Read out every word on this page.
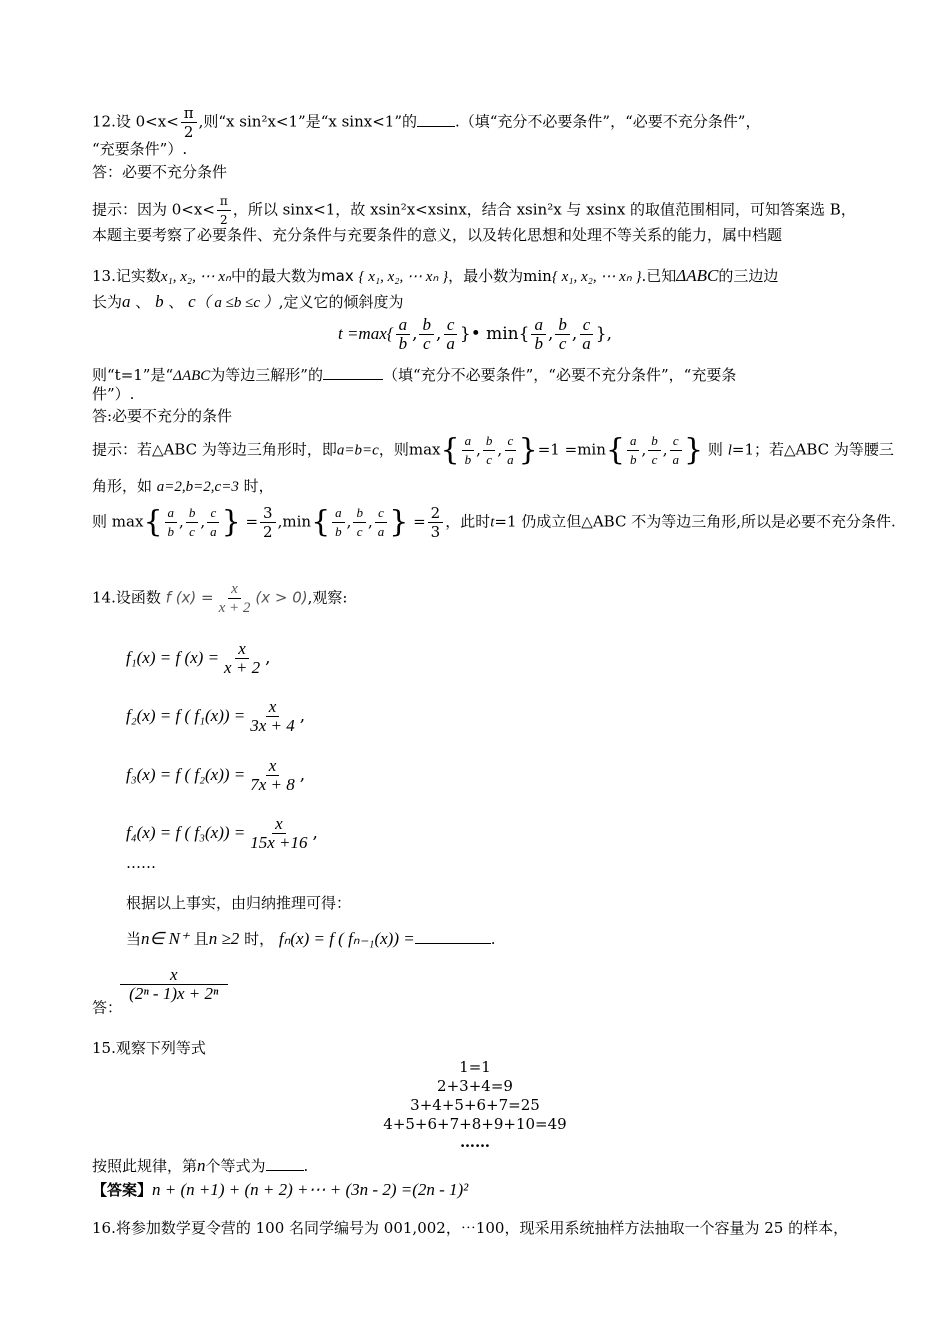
12.设 $0<x< \frac{\pi}{2}$ ,则“x sin²x<1”是“x sinx<1”的	.（填“充分不必要条件”，“必要不充分条件”，
“充要条件”）.
答：必要不充分条件
提示：因为 $0<x< \frac{\pi}{2}$ ，所以 sinx<1，故 xsin²x<xsinx，结合 xsin²x 与 xsinx 的取值范围相同，可知答案选 B，
本题主要考察了必要条件、充分条件与充要条件的意义，以及转化思想和处理不等关系的能力，属中档题
13.记实数x₁, x₂, ⋯ xₙ中的最大数为max { x₁, x₂, ⋯ xₙ }，最小数为min{ x₁, x₂, ⋯ xₙ }.已知ΔABC的三边边
长为a 、 b 、 c（ a ≤b ≤c ）,定义它的倾斜度为
$t =\max\{ \frac{a}{b}$ , $\frac{b}{c}$ , $\frac{c}{a}$ }• $\min\{ \frac{a}{b}$ , $\frac{b}{c}$ , $\frac{c}{a}$ },
则“t=1”是“ΔABC为等边三解形”的	（填“充分不必要条件”，“必要不充分条件”，“充要条
件”）.
答:必要不充分的条件
提示：若△ABC 为等边三角形时，即a=b=c，则$\max\{ \frac{a}{b}$ , $\frac{b}{c}$ , $\frac{c}{a} \}=1 =\min\{ \frac{a}{b}$ , $\frac{b}{c}$ , $\frac{c}{a}$ } 则 l=1；若△ABC 为等腰三
角形，如 a=2,b=2,c=3 时，
则 $\max\{ \frac{a}{b}$ , $\frac{b}{c}$ , $\frac{c}{a}$ } = $\frac{3}{2} ,\min\{ \frac{a}{b}$ , $\frac{b}{c}$ , $\frac{c}{a}$ } = $\frac{2}{3}$ ，此时t=1 仍成立但△ABC 不为等边三角形,所以是必要不充分条件.
14.设函数 f $(x) = \frac{x}{x + 2} (x > 0)$,观察:
f₁(x) = f $(x) = \frac{x}{x + 2}$ ,
f₂(x) = f ( $f_1(x)) = \frac{x}{3x + 4}$ ,
f₃(x) = f ( $f_2(x)) = \frac{x}{7x + 8}$ ,
f₄(x) = f ( $f_3(x)) = \frac{x}{15x +16}$ ,
……
根据以上事实，由归纳推理可得：
当n∈ N⁺ 且n ≥2 时， fₙ(x) = f ( fₙ₋₁(x)) =	.
答：
$\frac{x}{\text{(2ⁿ - 1)x + 2ⁿ}}$
15.观察下列等式
1=1
2+3+4=9
3+4+5+6+7=25
4+5+6+7+8+9+10=49
……
按照此规律，第n个等式为	.
【答案】n + (n +1) + (n + 2) +⋯ + (3n - 2) =(2n - 1)²
16.将参加数学夏令营的 100 名同学编号为 001,002，⋯100，现采用系统抽样方法抽取一个容量为 25 的样本，
